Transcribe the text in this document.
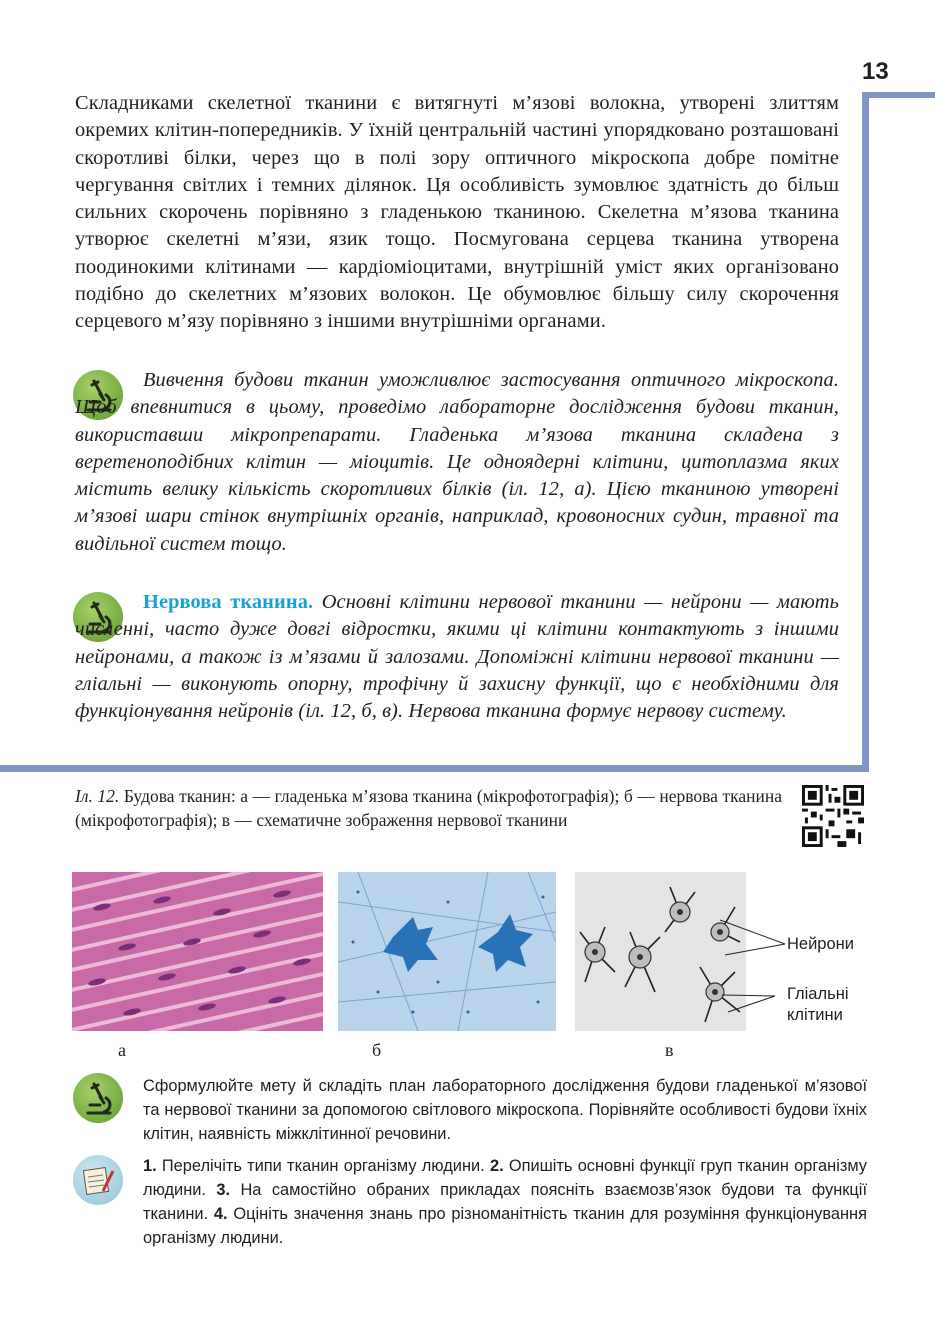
13
Складниками скелетної тканини є витягнуті м’язові волокна, утворені злиттям окремих клітин-попередників. У їхній центральній частині упорядковано розташовані скоротливі білки, через що в полі зору оптичного мікроскопа добре помітне чергування світлих і темних ділянок. Ця особливість зумовлює здатність до більш сильних скорочень порівняно з гладенькою тканиною. Скелетна м’язова тканина утворює скелетні м’язи, язик тощо. Посмугована серцева тканина утворена поодинокими клітинами — кардіоміоцитами, внутрішній уміст яких організовано подібно до скелетних м’язових волокон. Це обумовлює більшу силу скорочення серцевого м’язу порівняно з іншими внутрішніми органами.
Вивчення будови тканин уможливлює застосування оптичного мікроскопа. Щоб впевнитися в цьому, проведімо лабораторне дослідження будови тканин, використавши мікропрепарати. Гладенька м’язова тканина складена з веретеноподібних клітин — міоцитів. Це одноядерні клітини, цитоплазма яких містить велику кількість скоротливих білків (іл. 12, а). Цією тканиною утворені м’язові шари стінок внутрішніх органів, наприклад, кровоносних судин, травної та видільної систем тощо.
Нервова тканина. Основні клітини нервової тканини — нейрони — мають численні, часто дуже довгі відростки, якими ці клітини контактують з іншими нейронами, а також із м’язами й залозами. Допоміжні клітини нервової тканини — гліальні — виконують опорну, трофічну й захисну функції, що є необхідними для функціонування нейронів (іл. 12, б, в). Нервова тканина формує нервову систему.
Іл. 12. Будова тканин: а — гладенька м’язова тканина (мікрофотографія); б — нервова тканина (мікрофотографія); в — схематичне зображення нервової тканини
Нейрони
Гліальні
клітини
а	б	в
Сформулюйте мету й складіть план лабораторного дослідження будови гладенької м’язової та нервової тканини за допомогою світлового мікроскопа. Порівняйте особливості будови їхніх клітин, наявність міжклітинної речовини.
1. Перелічіть типи тканин організму людини. 2. Опишіть основні функції груп тканин організму людини. 3. На самостійно обраних прикладах поясніть взаємозв’язок будови та функції тканини. 4. Оцініть значення знань про різноманітність тканин для розуміння функціонування організму людини.
